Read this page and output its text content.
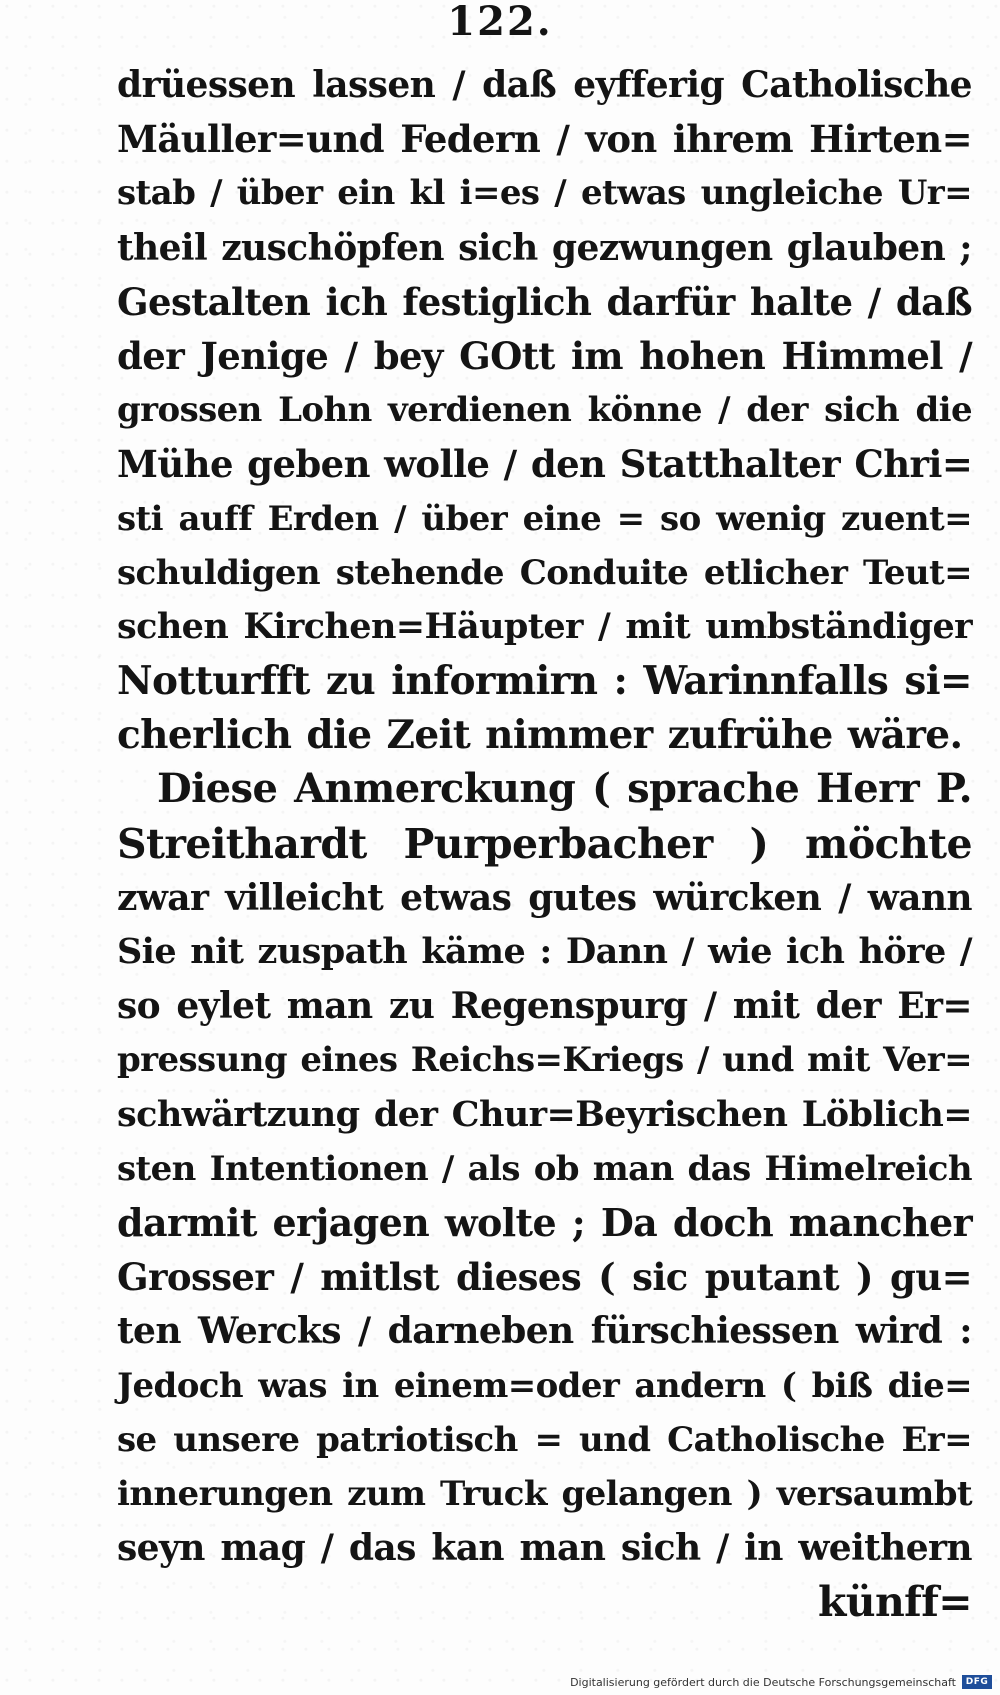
122.
drüessen lassen / daß eyfferig Catholische
Mäuller=und Federn / von ihrem Hirten=
stab / über ein kl i=es / etwas ungleiche Ur=
theil zuschöpfen sich gezwungen glauben ;
Gestalten ich festiglich darfür halte / daß
der Jenige / bey GOtt im hohen Himmel /
grossen Lohn verdienen könne / der sich die
Mühe geben wolle / den Statthalter Chri=
sti auff Erden / über eine = so wenig zuent=
schuldigen stehende Conduite etlicher Teut=
schen Kirchen=Häupter / mit umbständiger
Notturfft zu informirn : Warinnfalls si=
cherlich die Zeit nimmer zufrühe wäre.
Diese Anmerckung ( sprache Herr P.
Streithardt Purperbacher ) möchte
zwar villeicht etwas gutes würcken / wann
Sie nit zuspath käme : Dann / wie ich höre /
so eylet man zu Regenspurg / mit der Er=
pressung eines Reichs=Kriegs / und mit Ver=
schwärtzung der Chur=Beyrischen Löblich=
sten Intentionen / als ob man das Himelreich
darmit erjagen wolte ; Da doch mancher
Grosser / mitlst dieses ( sic putant ) gu=
ten Wercks / darneben fürschiessen wird :
Jedoch was in einem=oder andern ( biß die=
se unsere patriotisch = und Catholische Er=
innerungen zum Truck gelangen ) versaumbt
seyn mag / das kan man sich / in weithern
künff=
Digitalisierung gefördert durch die Deutsche Forschungsgemeinschaft	DFG
